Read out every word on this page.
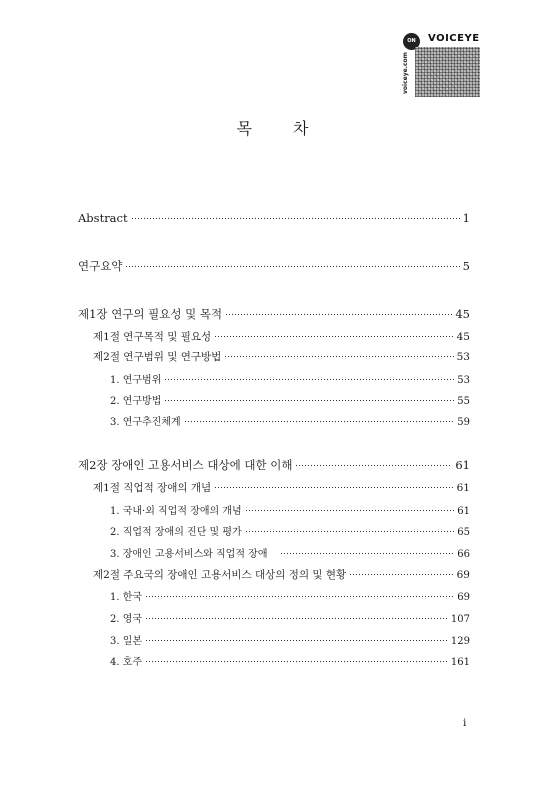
voiceye.com
ON	VOICEYE
목 차
Abstract	1
연구요약	5
제1장 연구의 필요성 및 목적	45
제1절 연구목적 및 필요성	45
제2절 연구범위 및 연구방법	53
1. 연구범위	53
2. 연구방법	55
3. 연구추진체계	59
제2장 장애인 고용서비스 대상에 대한 이해	61
제1절 직업적 장애의 개념	61
1. 국내·외 직업적 장애의 개념	61
2. 직업적 장애의 진단 및 평가	65
3. 장애인 고용서비스와 직업적 장애	66
제2절 주요국의 장애인 고용서비스 대상의 정의 및 현황	69
1. 한국	69
2. 영국	107
3. 일본	129
4. 호주	161
i
